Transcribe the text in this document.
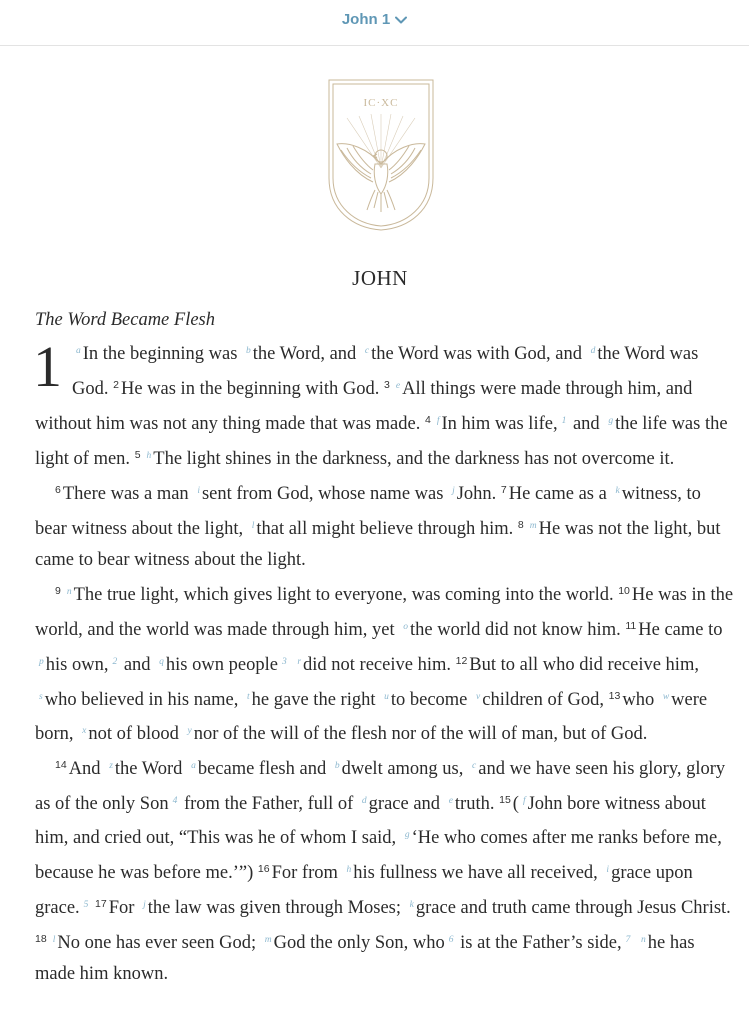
John 1
IC·XC
JOHN
The Word Became Flesh

1 $^a$ In the beginning was $^b$ the Word, and $^c$ the Word was with God, and $^d$ the Word was God. $^2$ He was in the beginning with God. $^3$ $^e$ All things were made through him, and without him was not any thing made that was made. $^4$ $^f$ In him was life, $^1$ and $^g$ the life was the light of men. $^5$ $^h$ The light shines in the darkness, and the darkness has not overcome it.

$^6$ There was a man $^i$ sent from God, whose name was $^j$ John. $^7$ He came as a $^k$ witness, to bear witness about the light, $^l$ that all might believe through him. $^8$ $^m$ He was not the light, but came to bear witness about the light.

$^9$ $^n$ The true light, which gives light to everyone, was coming into the world. $^{10}$ He was in the world, and the world was made through him, yet $^o$ the world did not know him. $^{11}$ He came to $^p$ his own, $^2$ and $^q$ his own people $^3$ $^r$ did not receive him. $^{12}$ But to all who did receive him, $^s$ who believed in his name, $^t$ he gave the right $^u$ to become $^v$ children of God, $^{13}$ who $^w$ were born, $^x$ not of blood $^y$ nor of the will of the flesh nor of the will of man, but of God.

$^{14}$ And $^z$ the Word $^a$ became flesh and $^b$ dwelt among us, $^c$ and we have seen his glory, glory as of the only Son $^4$ from the Father, full of $^d$ grace and $^e$ truth. $^{15}$ ( $^f$ John bore witness about him, and cried out, “This was he of whom I said, $^g$ ‘He who comes after me ranks before me, because he was before me.’”) $^{16}$ For from $^h$ his fullness we have all received, $^i$ grace upon grace. $^5$ $^{17}$ For $^j$ the law was given through Moses; $^k$ grace and truth came through Jesus Christ. $^{18}$ $^l$ No one has ever seen God; $^m$ God the only Son, who $^6$ is at the Father’s side, $^7$ $^n$ he has made him known.
